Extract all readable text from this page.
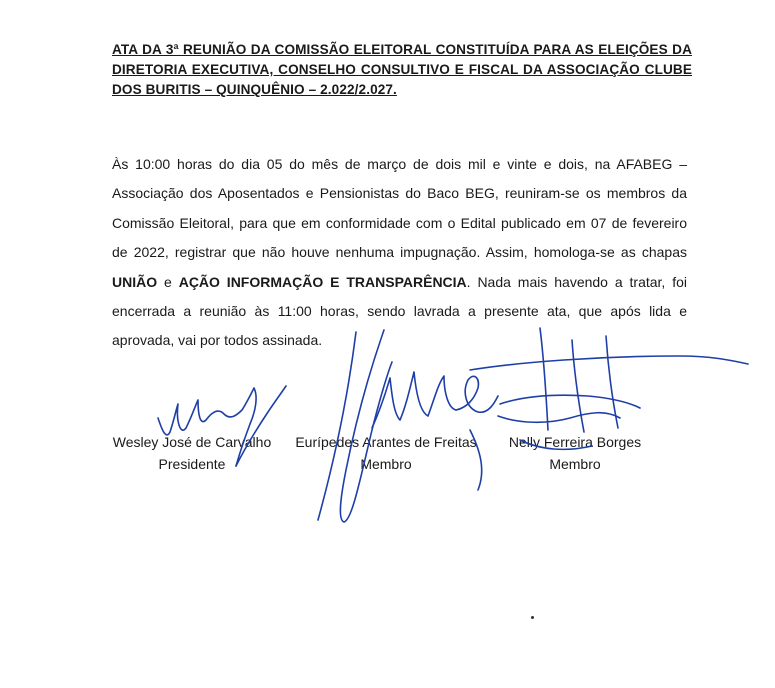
ATA DA 3ª REUNIÃO DA COMISSÃO ELEITORAL CONSTITUÍDA PARA AS ELEIÇÕES DA DIRETORIA EXECUTIVA, CONSELHO CONSULTIVO E FISCAL DA ASSOCIAÇÃO CLUBE DOS BURITIS – QUINQUÊNIO – 2.022/2.027.
Às 10:00 horas do dia 05 do mês de março de dois mil e vinte e dois, na AFABEG – Associação dos Aposentados e Pensionistas do Baco BEG, reuniram-se os membros da Comissão Eleitoral, para que em conformidade com o Edital publicado em 07 de fevereiro de 2022, registrar que não houve nenhuma impugnação. Assim, homologa-se as chapas UNIÃO e AÇÃO INFORMAÇÃO E TRANSPARÊNCIA. Nada mais havendo a tratar, foi encerrada a reunião às 11:00 horas, sendo lavrada a presente ata, que após lida e aprovada, vai por todos assinada.
Wesley José de Carvalho
Presidente
Eurípedes Arantes de Freitas
Membro
Nelly Ferreira Borges
Membro
